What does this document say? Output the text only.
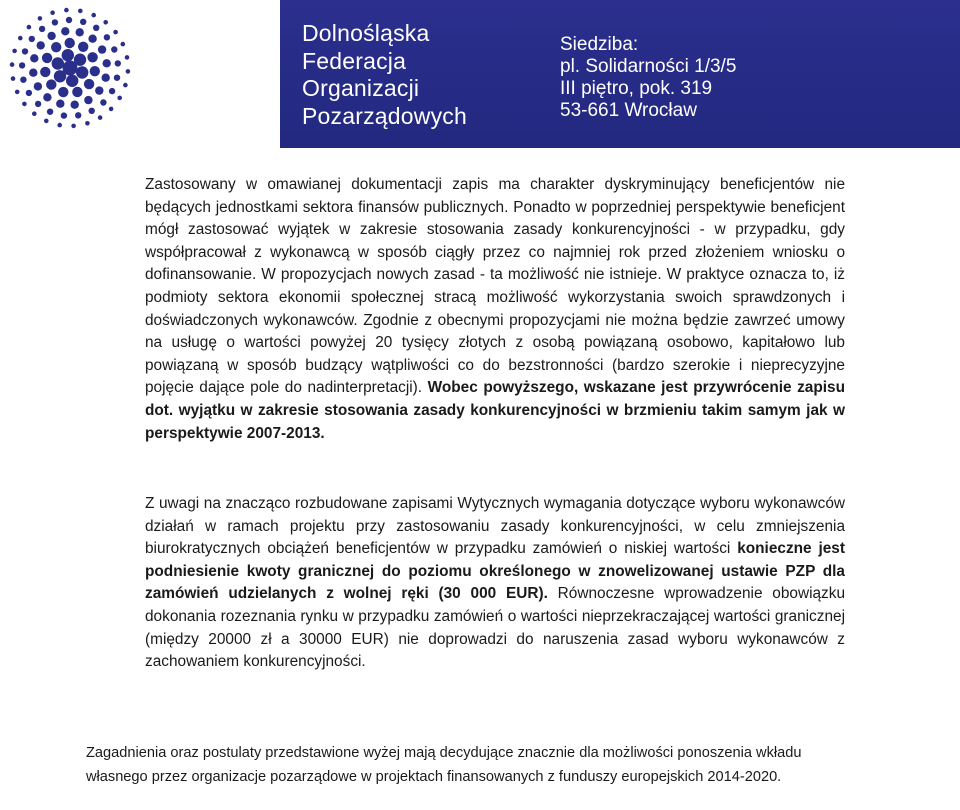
Dolnośląska
Federacja
Organizacji
Pozarządowych
Siedziba:
pl. Solidarności 1/3/5
III piętro, pok. 319
53-661 Wrocław

Zastosowany w omawianej dokumentacji zapis ma charakter dyskryminujący beneficjentów nie będących jednostkami sektora finansów publicznych. Ponadto w poprzedniej perspektywie beneficjent mógł zastosować wyjątek w zakresie stosowania zasady konkurencyjności - w przypadku, gdy współpracował z wykonawcą w sposób ciągły przez co najmniej rok przed złożeniem wniosku o dofinansowanie. W propozycjach nowych zasad - ta możliwość nie istnieje. W praktyce oznacza to, iż podmioty sektora ekonomii społecznej stracą możliwość wykorzystania swoich sprawdzonych i doświadczonych wykonawców. Zgodnie z obecnymi propozycjami nie można będzie zawrzeć umowy na usługę o wartości powyżej 20 tysięcy złotych z osobą powiązaną osobowo, kapitałowo lub powiązaną w sposób budzący wątpliwości co do bezstronności (bardzo szerokie i nieprecyzyjne pojęcie dające pole do nadinterpretacji). Wobec powyższego, wskazane jest przywrócenie zapisu dot. wyjątku w zakresie stosowania zasady konkurencyjności w brzmieniu takim samym jak w perspektywie 2007-2013.

Z uwagi na znacząco rozbudowane zapisami Wytycznych wymagania dotyczące wyboru wykonawców działań w ramach projektu przy zastosowaniu zasady konkurencyjności, w celu zmniejszenia biurokratycznych obciążeń beneficjentów w przypadku zamówień o niskiej wartości konieczne jest podniesienie kwoty granicznej do poziomu określonego w znowelizowanej ustawie PZP dla zamówień udzielanych z wolnej ręki (30 000 EUR). Równoczesne wprowadzenie obowiązku dokonania rozeznania rynku w przypadku zamówień o wartości nieprzekraczającej wartości granicznej (między 20000 zł a 30000 EUR) nie doprowadzi do naruszenia zasad wyboru wykonawców z zachowaniem konkurencyjności.

Zagadnienia oraz postulaty przedstawione wyżej mają decydujące znacznie dla możliwości ponoszenia wkładu własnego przez organizacje pozarządowe w projektach finansowanych z funduszy europejskich 2014-2020.
